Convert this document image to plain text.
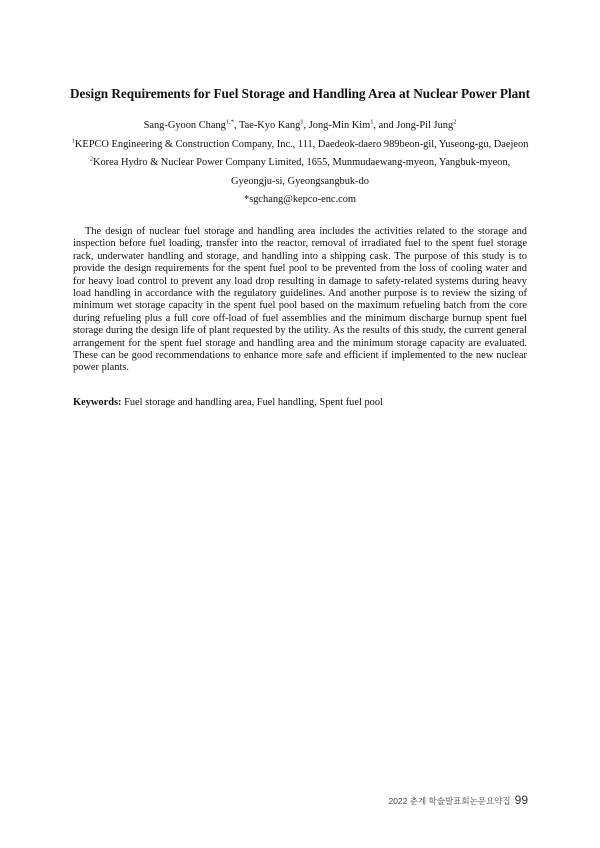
Design Requirements for Fuel Storage and Handling Area at Nuclear Power Plant
Sang-Gyoon Chang$^{1,*}$, Tae-Kyo Kang$^1$, Jong-Min Kim$^1$, and Jong-Pil Jung$^2$
$^1$KEPCO Engineering & Construction Company, Inc., 111, Daedeok-daero 989beon-gil, Yuseong-gu, Daejeon
$^2$Korea Hydro & Nuclear Power Company Limited, 1655, Munmudaewang-myeon, Yangbuk-myeon,
Gyeongju-si, Gyeongsangbuk-do
*sgchang@kepco-enc.com

The design of nuclear fuel storage and handling area includes the activities related to the storage and inspection before fuel loading, transfer into the reactor, removal of irradiated fuel to the spent fuel storage rack, underwater handling and storage, and handling into a shipping cask. The purpose of this study is to provide the design requirements for the spent fuel pool to be prevented from the loss of cooling water and for heavy load control to prevent any load drop resulting in damage to safety-related systems during heavy load handling in accordance with the regulatory guidelines. And another purpose is to review the sizing of minimum wet storage capacity in the spent fuel pool based on the maximum refueling batch from the core during refueling plus a full core off-load of fuel assemblies and the minimum discharge burnup spent fuel storage during the design life of plant requested by the utility. As the results of this study, the current general arrangement for the spent fuel storage and handling area and the minimum storage capacity are evaluated. These can be good recommendations to enhance more safe and efficient if implemented to the new nuclear power plants.

Keywords: Fuel storage and handling area, Fuel handling, Spent fuel pool

2022 춘계 학술발표회논문요약집 99
